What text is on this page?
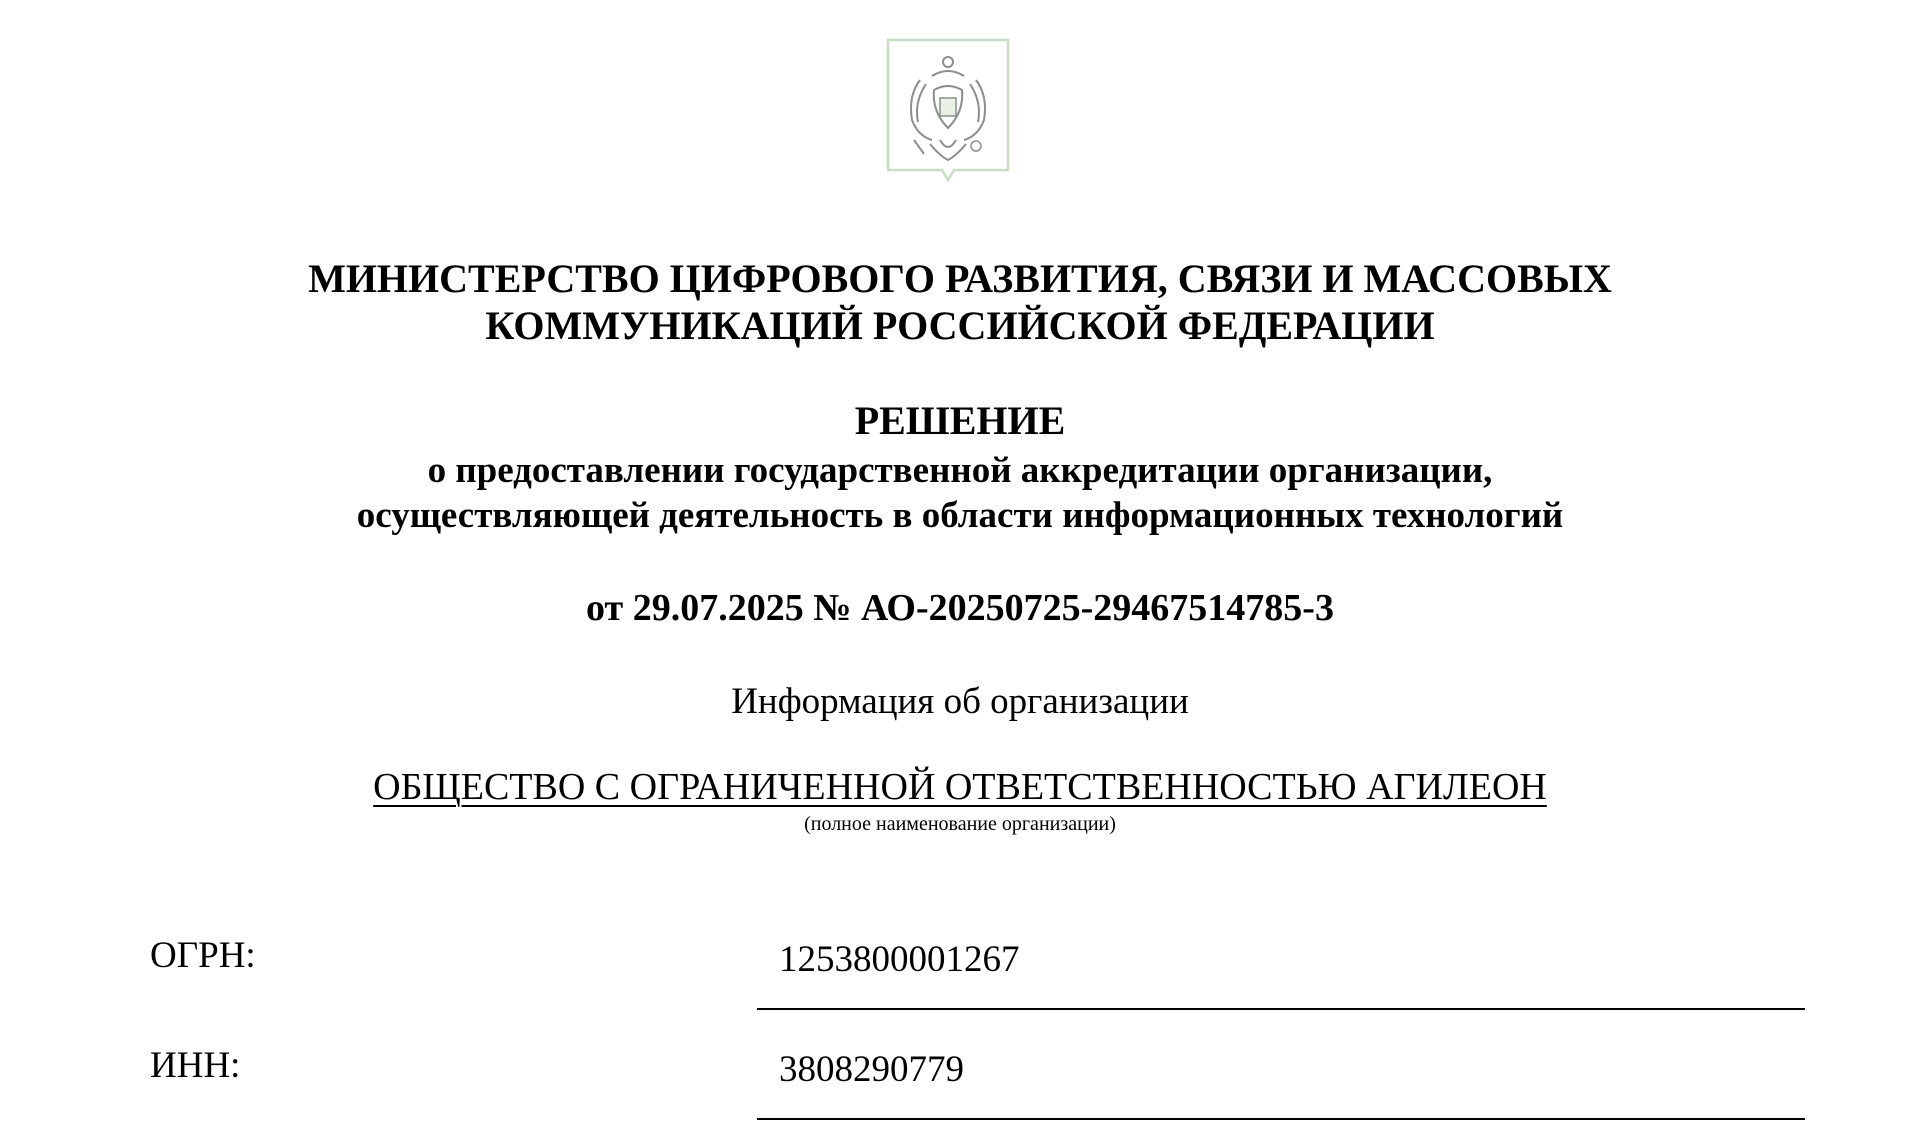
МИНИСТЕРСТВО ЦИФРОВОГО РАЗВИТИЯ, СВЯЗИ И МАССОВЫХ
КОММУНИКАЦИЙ РОССИЙСКОЙ ФЕДЕРАЦИИ
РЕШЕНИЕ
о предоставлении государственной аккредитации организации,
осуществляющей деятельность в области информационных технологий
от 29.07.2025 № АО-20250725-29467514785-3
Информация об организации
ОБЩЕСТВО С ОГРАНИЧЕННОЙ ОТВЕТСТВЕННОСТЬЮ АГИЛЕОН
(полное наименование организации)
ОГРН:	1253800001267
ИНН:	3808290779
